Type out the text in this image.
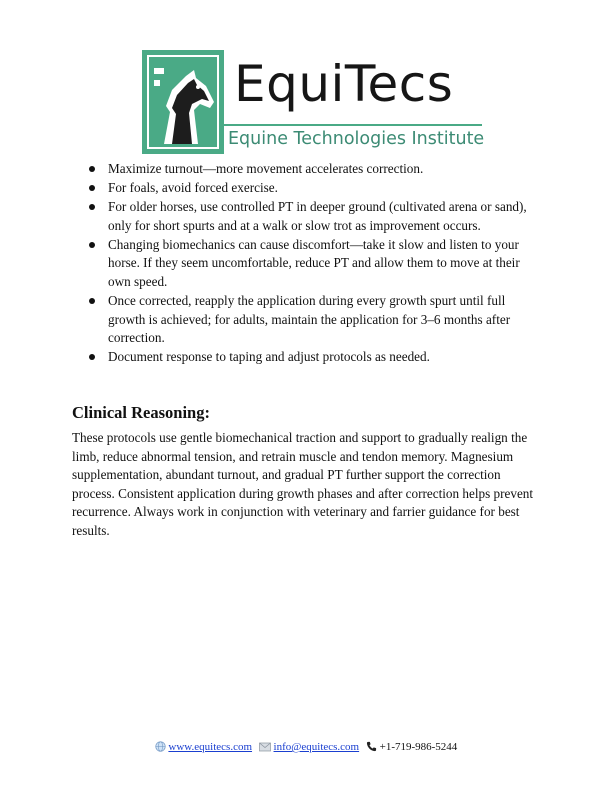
EquiTecs
Equine Technologies Institute
Maximize turnout—more movement accelerates correction.
For foals, avoid forced exercise.
For older horses, use controlled PT in deeper ground (cultivated arena or sand), only for short spurts and at a walk or slow trot as improvement occurs.
Changing biomechanics can cause discomfort—take it slow and listen to your horse. If they seem uncomfortable, reduce PT and allow them to move at their own speed.
Once corrected, reapply the application during every growth spurt until full growth is achieved; for adults, maintain the application for 3–6 months after correction.
Document response to taping and adjust protocols as needed.
Clinical Reasoning:

These protocols use gentle biomechanical traction and support to gradually realign the limb, reduce abnormal tension, and retrain muscle and tendon memory. Magnesium supplementation, abundant turnout, and gradual PT further support the correction process. Consistent application during growth phases and after correction helps prevent recurrence. Always work in conjunction with veterinary and farrier guidance for best results.

www.equitecs.com info@equitecs.com +1-719-986-5244
